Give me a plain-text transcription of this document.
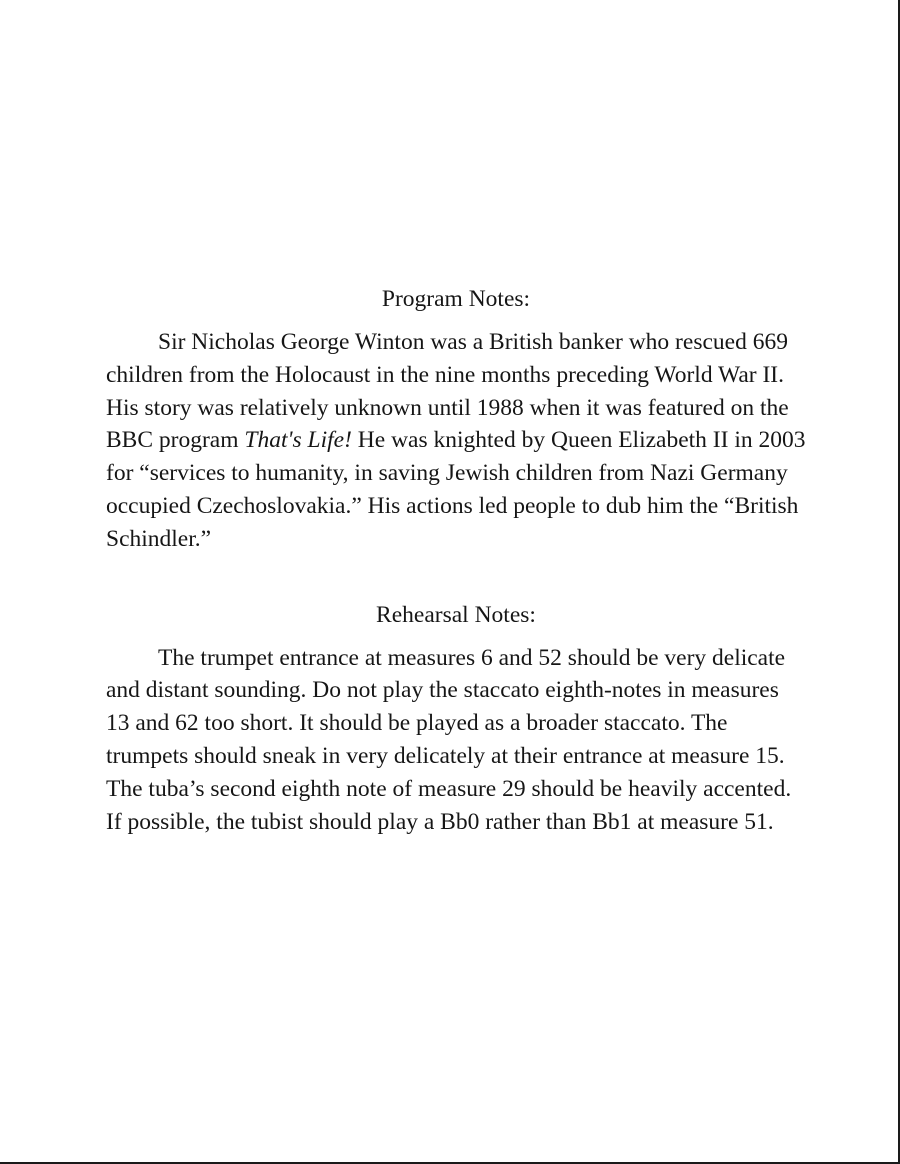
Program Notes:

Sir Nicholas George Winton was a British banker who rescued 669 children from the Holocaust in the nine months preceding World War II. His story was relatively unknown until 1988 when it was featured on the BBC program That's Life! He was knighted by Queen Elizabeth II in 2003 for “services to humanity, in saving Jewish children from Nazi Germany occupied Czechoslovakia.” His actions led people to dub him the “British Schindler.”

Rehearsal Notes:

The trumpet entrance at measures 6 and 52 should be very delicate and distant sounding. Do not play the staccato eighth-notes in measures 13 and 62 too short. It should be played as a broader staccato. The trumpets should sneak in very delicately at their entrance at measure 15. The tuba’s second eighth note of measure 29 should be heavily accented. If possible, the tubist should play a Bb0 rather than Bb1 at measure 51.
